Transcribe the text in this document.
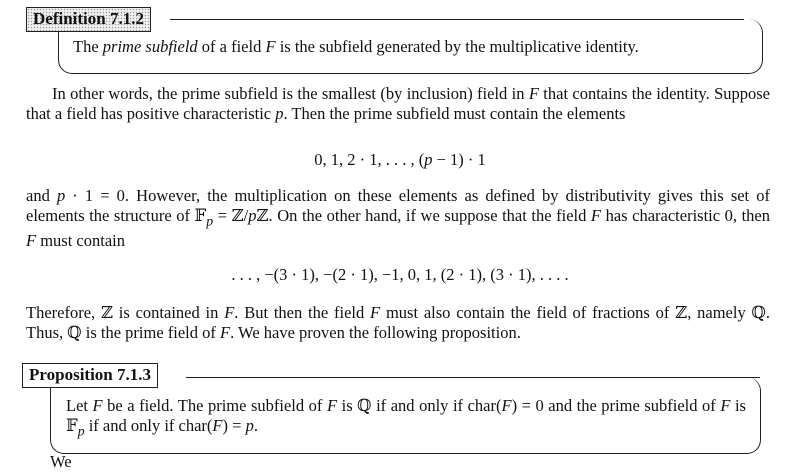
Definition 7.1.2
The prime subfield of a field F is the subfield generated by the multiplicative identity.
In other words, the prime subfield is the smallest (by inclusion) field in F that contains the identity. Suppose that a field has positive characteristic p. Then the prime subfield must contain the elements
0, 1, 2 · 1, . . . , (p − 1) · 1
and p · 1 = 0. However, the multiplication on these elements as defined by distributivity gives this set of elements the structure of 𝔽$_p$ = ℤ/pℤ. On the other hand, if we suppose that the field F has characteristic 0, then F must contain
. . . , −(3 · 1), −(2 · 1), −1, 0, 1, (2 · 1), (3 · 1), . . . .
Therefore, ℤ is contained in F. But then the field F must also contain the field of fractions of ℤ, namely ℚ. Thus, ℚ is the prime field of F. We have proven the following proposition.
Proposition 7.1.3
Let F be a field. The prime subfield of F is ℚ if and only if char(F) = 0 and the prime subfield of F is 𝔽$_p$ if and only if char(F) = p.
We
